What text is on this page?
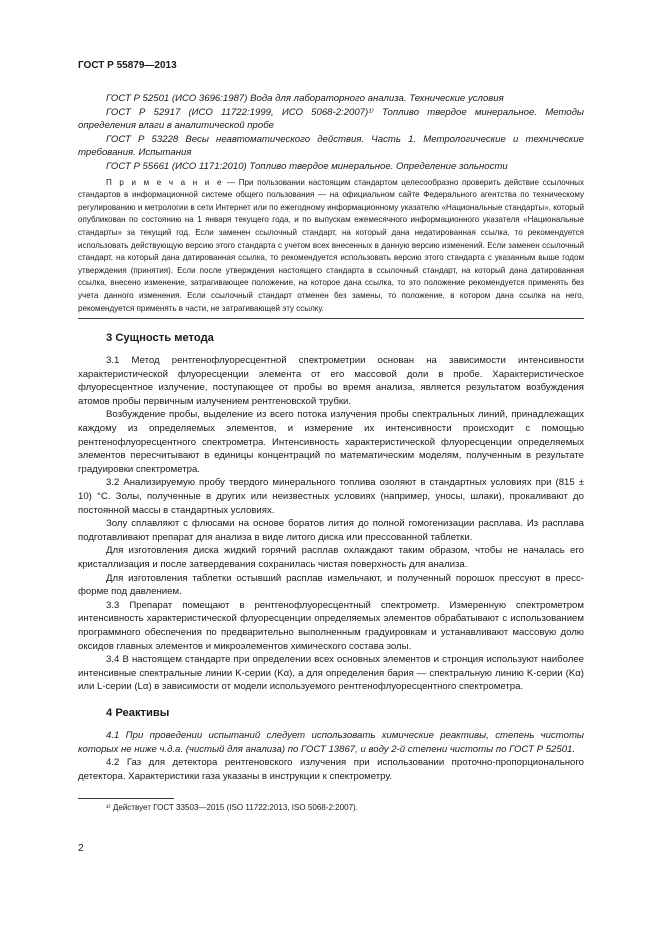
ГОСТ Р 55879—2013
ГОСТ Р 52501 (ИСО 3696:1987) Вода для лабораторного анализа. Технические условия
ГОСТ Р 52917 (ИСО 11722:1999, ИСО 5068-2:2007)¹⁾ Топливо твердое минеральное. Методы определения влаги в аналитической пробе
ГОСТ Р 53228 Весы неавтоматического действия. Часть 1. Метрологические и технические требования. Испытания
ГОСТ Р 55661 (ИСО 1171:2010) Топливо твердое минеральное. Определение зольности
П р и м е ч а н и е — При пользовании настоящим стандартом целесообразно проверить действие ссылочных стандартов в информационной системе общего пользования — на официальном сайте Федерального агентства по техническому регулированию и метрологии в сети Интернет или по ежегодному информационному указателю «Национальные стандарты», который опубликован по состоянию на 1 января текущего года, и по выпускам ежемесячного информационного указателя «Национальные стандарты» за текущий год. Если заменен ссылочный стандарт, на который дана недатированная ссылка, то рекомендуется использовать действующую версию этого стандарта с учетом всех внесенных в данную версию изменений. Если заменен ссылочный стандарт, на который дана датированная ссылка, то рекомендуется использовать версию этого стандарта с указанным выше годом утверждения (принятия). Если после утверждения настоящего стандарта в ссылочный стандарт, на который дана датированная ссылка, внесено изменение, затрагивающее положение, на которое дана ссылка, то это положение рекомендуется применять без учета данного изменения. Если ссылочный стандарт отменен без замены, то положение, в котором дана ссылка на него, рекомендуется применять в части, не затрагивающей эту ссылку.
3 Сущность метода
3.1 Метод рентгенофлуоресцентной спектрометрии основан на зависимости интенсивности характеристической флуоресценции элемента от его массовой доли в пробе. Характеристическое флуоресцентное излучение, поступающее от пробы во время анализа, является результатом возбуждения атомов пробы первичным излучением рентгеновской трубки.
Возбуждение пробы, выделение из всего потока излучения пробы спектральных линий, принадлежащих каждому из определяемых элементов, и измерение их интенсивности происходит с помощью рентгенофлуоресцентного спектрометра. Интенсивность характеристической флуоресценции определяемых элементов пересчитывают в единицы концентраций по математическим моделям, полученным в результате градуировки спектрометра.
3.2 Анализируемую пробу твердого минерального топлива озоляют в стандартных условиях при (815 ± 10) °С. Золы, полученные в других или неизвестных условиях (например, уносы, шлаки), прокаливают до постоянной массы в стандартных условиях.
Золу сплавляют с флюсами на основе боратов лития до полной гомогенизации расплава. Из расплава подготавливают препарат для анализа в виде литого диска или прессованной таблетки.
Для изготовления диска жидкий горячий расплав охлаждают таким образом, чтобы не началась его кристаллизация и после затвердевания сохранилась чистая поверхность для анализа.
Для изготовления таблетки остывший расплав измельчают, и полученный порошок прессуют в пресс-форме под давлением.
3.3 Препарат помещают в рентгенофлуоресцентный спектрометр. Измеренную спектрометром интенсивность характеристической флуоресценции определяемых элементов обрабатывают с использованием программного обеспечения по предварительно выполненным градуировкам и устанавливают массовую долю оксидов главных элементов и микроэлементов химического состава золы.
3.4 В настоящем стандарте при определении всех основных элементов и стронция используют наиболее интенсивные спектральные линии K-серии (Kα), а для определения бария — спектральную линию K-серии (Kα) или L-серии (Lα) в зависимости от модели используемого рентгенофлуоресцентного спектрометра.
4 Реактивы
4.1 При проведении испытаний следует использовать химические реактивы, степень чистоты которых не ниже ч.д.а. (чистый для анализа) по ГОСТ 13867, и воду 2-й степени чистоты по ГОСТ Р 52501.
4.2 Газ для детектора рентгеновского излучения при использовании проточно-пропорционального детектора. Характеристики газа указаны в инструкции к спектрометру.
¹⁾ Действует ГОСТ 33503—2015 (ISO 11722:2013, ISO 5068-2:2007).
2
